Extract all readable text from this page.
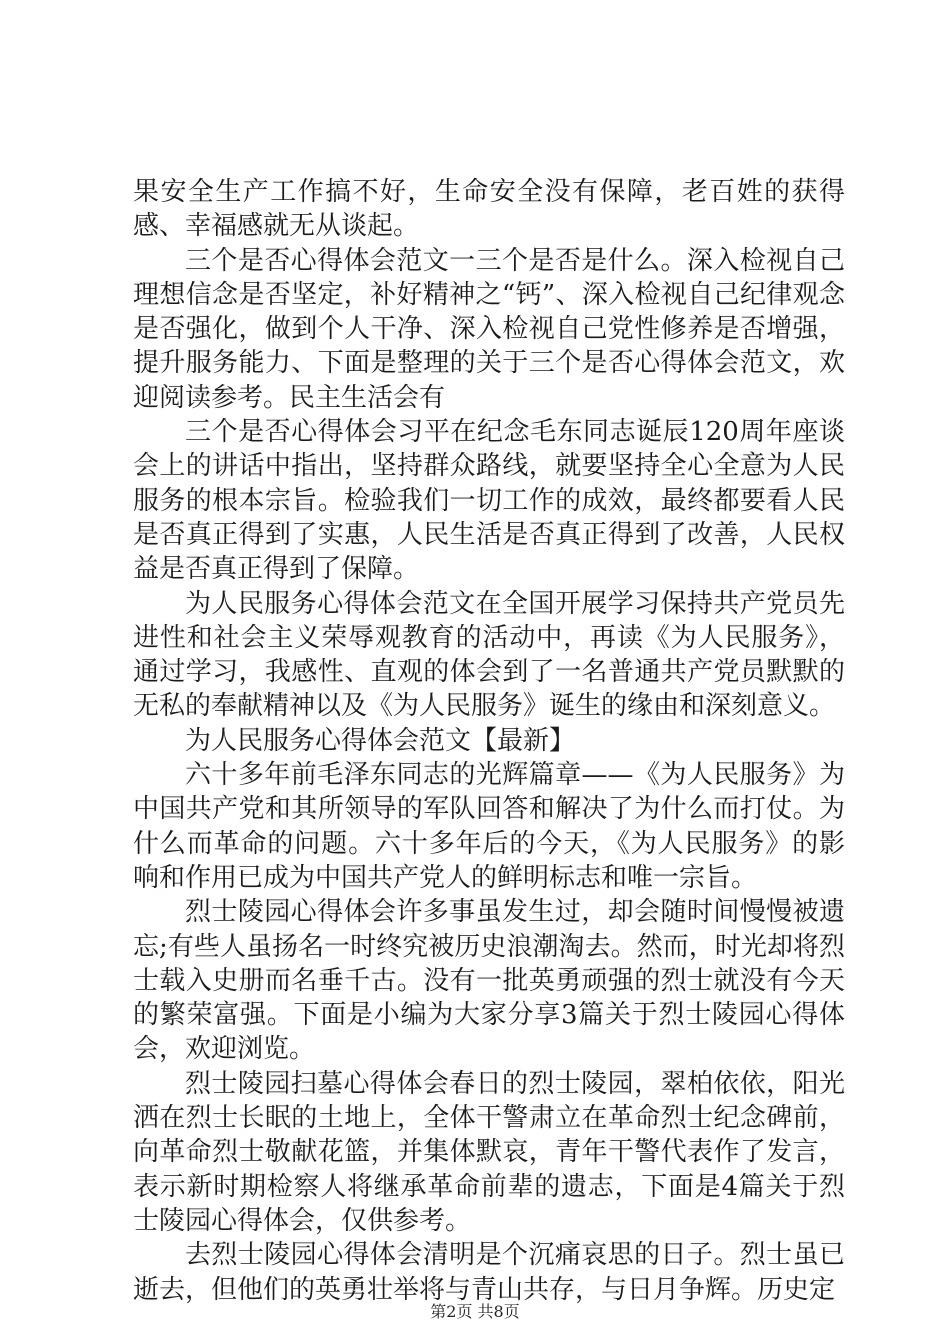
果安全生产工作搞不好，生命安全没有保障，老百姓的获得感、幸福感就无从谈起。

三个是否心得体会范文一三个是否是什么。深入检视自己理想信念是否坚定，补好精神之“钙”、深入检视自己纪律观念是否强化，做到个人干净、深入检视自己党性修养是否增强，提升服务能力、下面是整理的关于三个是否心得体会范文，欢迎阅读参考。民主生活会有

三个是否心得体会习平在纪念毛东同志诞辰120周年座谈会上的讲话中指出，坚持群众路线，就要坚持全心全意为人民服务的根本宗旨。检验我们一切工作的成效，最终都要看人民是否真正得到了实惠，人民生活是否真正得到了改善，人民权益是否真正得到了保障。

为人民服务心得体会范文在全国开展学习保持共产党员先进性和社会主义荣辱观教育的活动中，再读《为人民服务》，通过学习，我感性、直观的体会到了一名普通共产党员默默的无私的奉献精神以及《为人民服务》诞生的缘由和深刻意义。

为人民服务心得体会范文【最新】

六十多年前毛泽东同志的光辉篇章——《为人民服务》为中国共产党和其所领导的军队回答和解决了为什么而打仗。为什么而革命的问题。六十多年后的今天，《为人民服务》的影响和作用已成为中国共产党人的鲜明标志和唯一宗旨。

烈士陵园心得体会许多事虽发生过，却会随时间慢慢被遗忘;有些人虽扬名一时终究被历史浪潮淘去。然而，时光却将烈士载入史册而名垂千古。没有一批英勇顽强的烈士就没有今天的繁荣富强。下面是小编为大家分享3篇关于烈士陵园心得体会，欢迎浏览。

烈士陵园扫墓心得体会春日的烈士陵园，翠柏依依，阳光洒在烈士长眠的土地上，全体干警肃立在革命烈士纪念碑前，向革命烈士敬献花篮，并集体默哀，青年干警代表作了发言，表示新时期检察人将继承革命前辈的遗志，下面是4篇关于烈士陵园心得体会，仅供参考。

去烈士陵园心得体会清明是个沉痛哀思的日子。烈士虽已逝去，但他们的英勇壮举将与青山共存，与日月争辉。历史定

第2页 共8页
